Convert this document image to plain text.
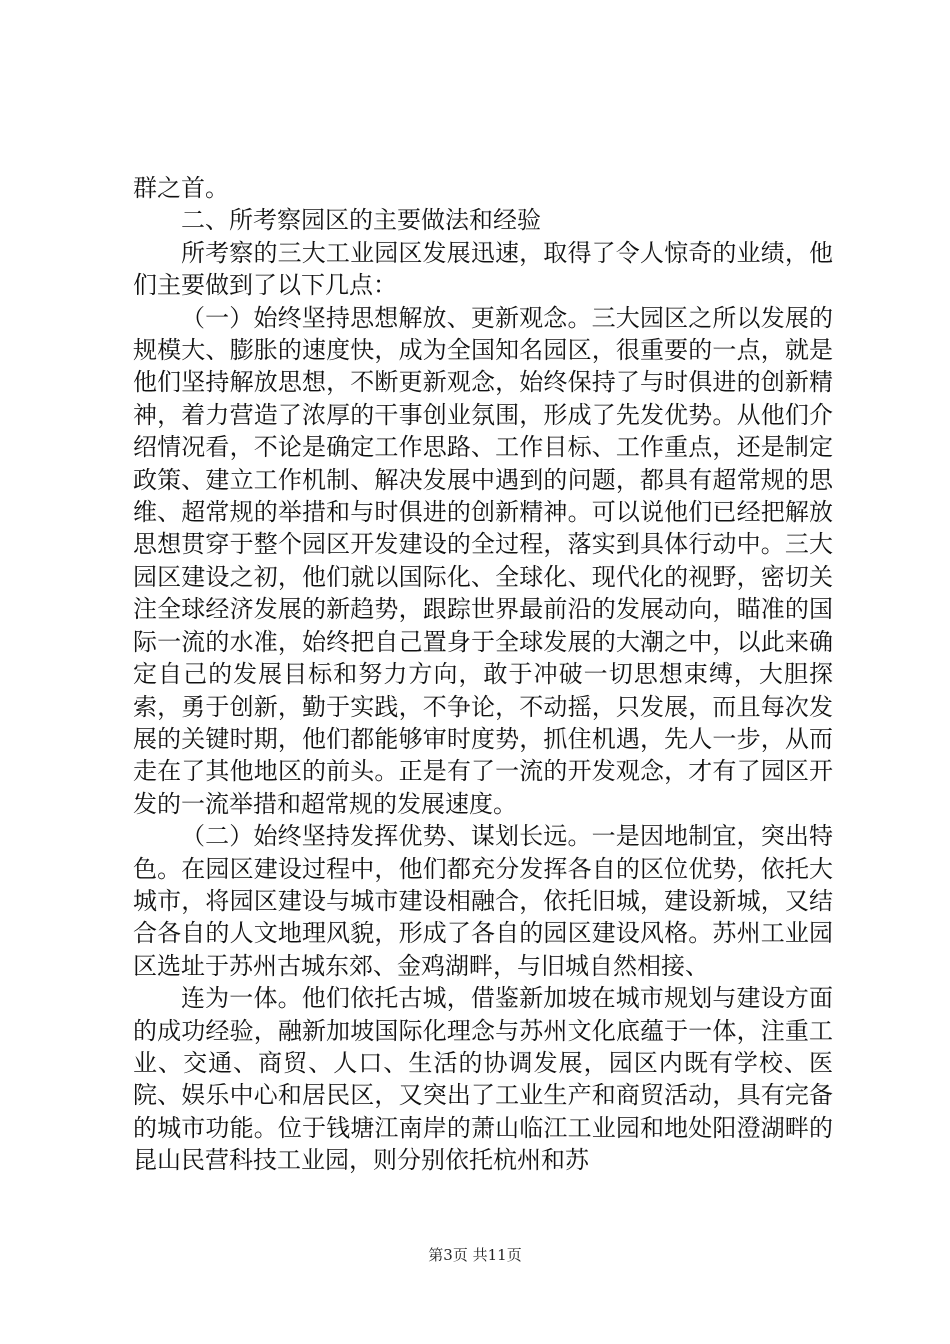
群之首。

二、所考察园区的主要做法和经验

所考察的三大工业园区发展迅速，取得了令人惊奇的业绩，他们主要做到了以下几点：

（一）始终坚持思想解放、更新观念。三大园区之所以发展的规模大、膨胀的速度快，成为全国知名园区，很重要的一点，就是他们坚持解放思想，不断更新观念，始终保持了与时俱进的创新精神，着力营造了浓厚的干事创业氛围，形成了先发优势。从他们介绍情况看，不论是确定工作思路、工作目标、工作重点，还是制定政策、建立工作机制、解决发展中遇到的问题，都具有超常规的思维、超常规的举措和与时俱进的创新精神。可以说他们已经把解放思想贯穿于整个园区开发建设的全过程，落实到具体行动中。三大园区建设之初，他们就以国际化、全球化、现代化的视野，密切关注全球经济发展的新趋势，跟踪世界最前沿的发展动向，瞄准的国际一流的水准，始终把自己置身于全球发展的大潮之中，以此来确定自己的发展目标和努力方向，敢于冲破一切思想束缚，大胆探索，勇于创新，勤于实践，不争论，不动摇，只发展，而且每次发展的关键时期，他们都能够审时度势，抓住机遇，先人一步，从而走在了其他地区的前头。正是有了一流的开发观念，才有了园区开发的一流举措和超常规的发展速度。

（二）始终坚持发挥优势、谋划长远。一是因地制宜，突出特色。在园区建设过程中，他们都充分发挥各自的区位优势，依托大城市，将园区建设与城市建设相融合，依托旧城，建设新城，又结合各自的人文地理风貌，形成了各自的园区建设风格。苏州工业园区选址于苏州古城东郊、金鸡湖畔，与旧城自然相接、

连为一体。他们依托古城，借鉴新加坡在城市规划与建设方面的成功经验，融新加坡国际化理念与苏州文化底蕴于一体，注重工业、交通、商贸、人口、生活的协调发展，园区内既有学校、医院、娱乐中心和居民区，又突出了工业生产和商贸活动，具有完备的城市功能。位于钱塘江南岸的萧山临江工业园和地处阳澄湖畔的昆山民营科技工业园，则分别依托杭州和苏

第3页 共11页
